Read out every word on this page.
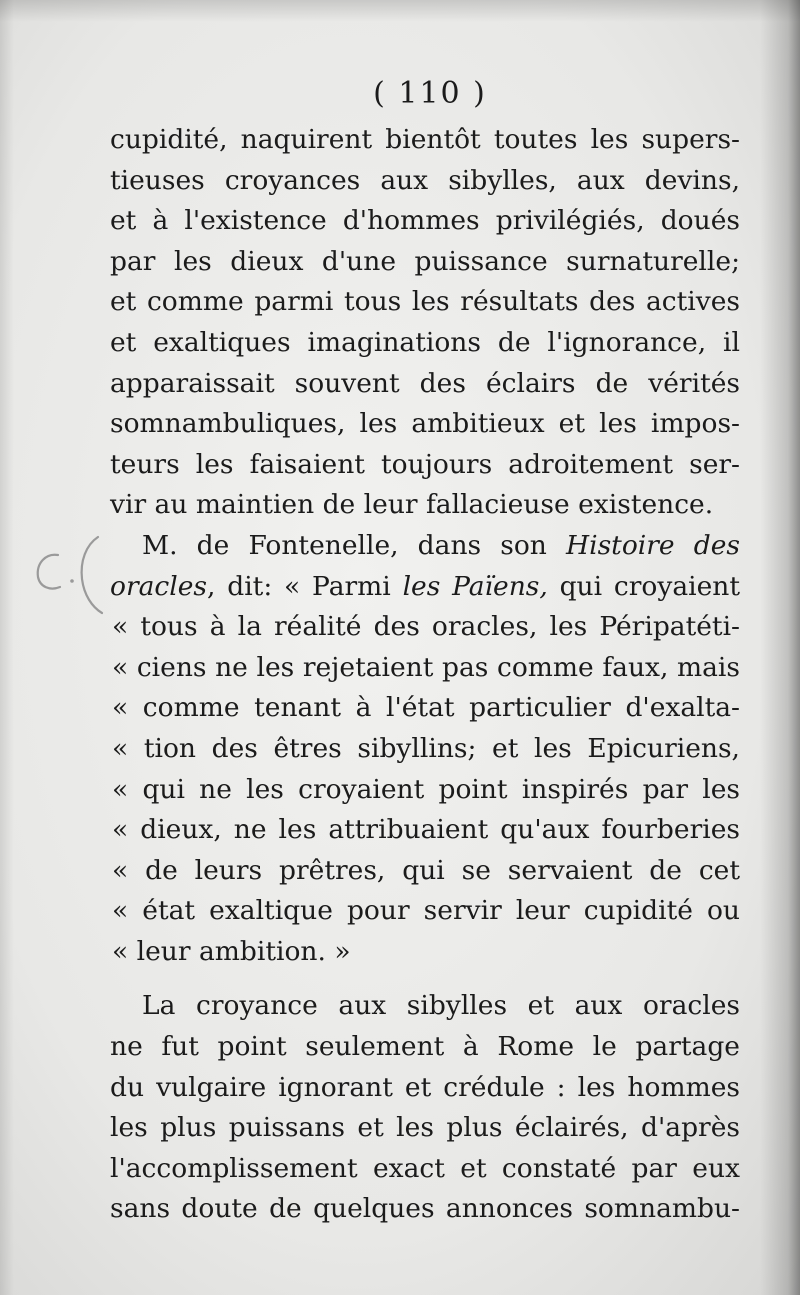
( 110 )
cupidité, naquirent bientôt toutes les supers-
tieuses croyances aux sibylles, aux devins,
et à l'existence d'hommes privilégiés, doués
par les dieux d'une puissance surnaturelle;
et comme parmi tous les résultats des actives
et exaltiques imaginations de l'ignorance, il
apparaissait souvent des éclairs de vérités
somnambuliques, les ambitieux et les impos-
teurs les faisaient toujours adroitement ser-
vir au maintien de leur fallacieuse existence.
M. de Fontenelle, dans son Histoire des
oracles, dit: « Parmi les Païens, qui croyaient
« tous à la réalité des oracles, les Péripatéti-
« ciens ne les rejetaient pas comme faux, mais
« comme tenant à l'état particulier d'exalta-
« tion des êtres sibyllins; et les Epicuriens,
« qui ne les croyaient point inspirés par les
« dieux, ne les attribuaient qu'aux fourberies
« de leurs prêtres, qui se servaient de cet
« état exaltique pour servir leur cupidité ou
« leur ambition. »
La croyance aux sibylles et aux oracles
ne fut point seulement à Rome le partage
du vulgaire ignorant et crédule : les hommes
les plus puissans et les plus éclairés, d'après
l'accomplissement exact et constaté par eux
sans doute de quelques annonces somnambu-
